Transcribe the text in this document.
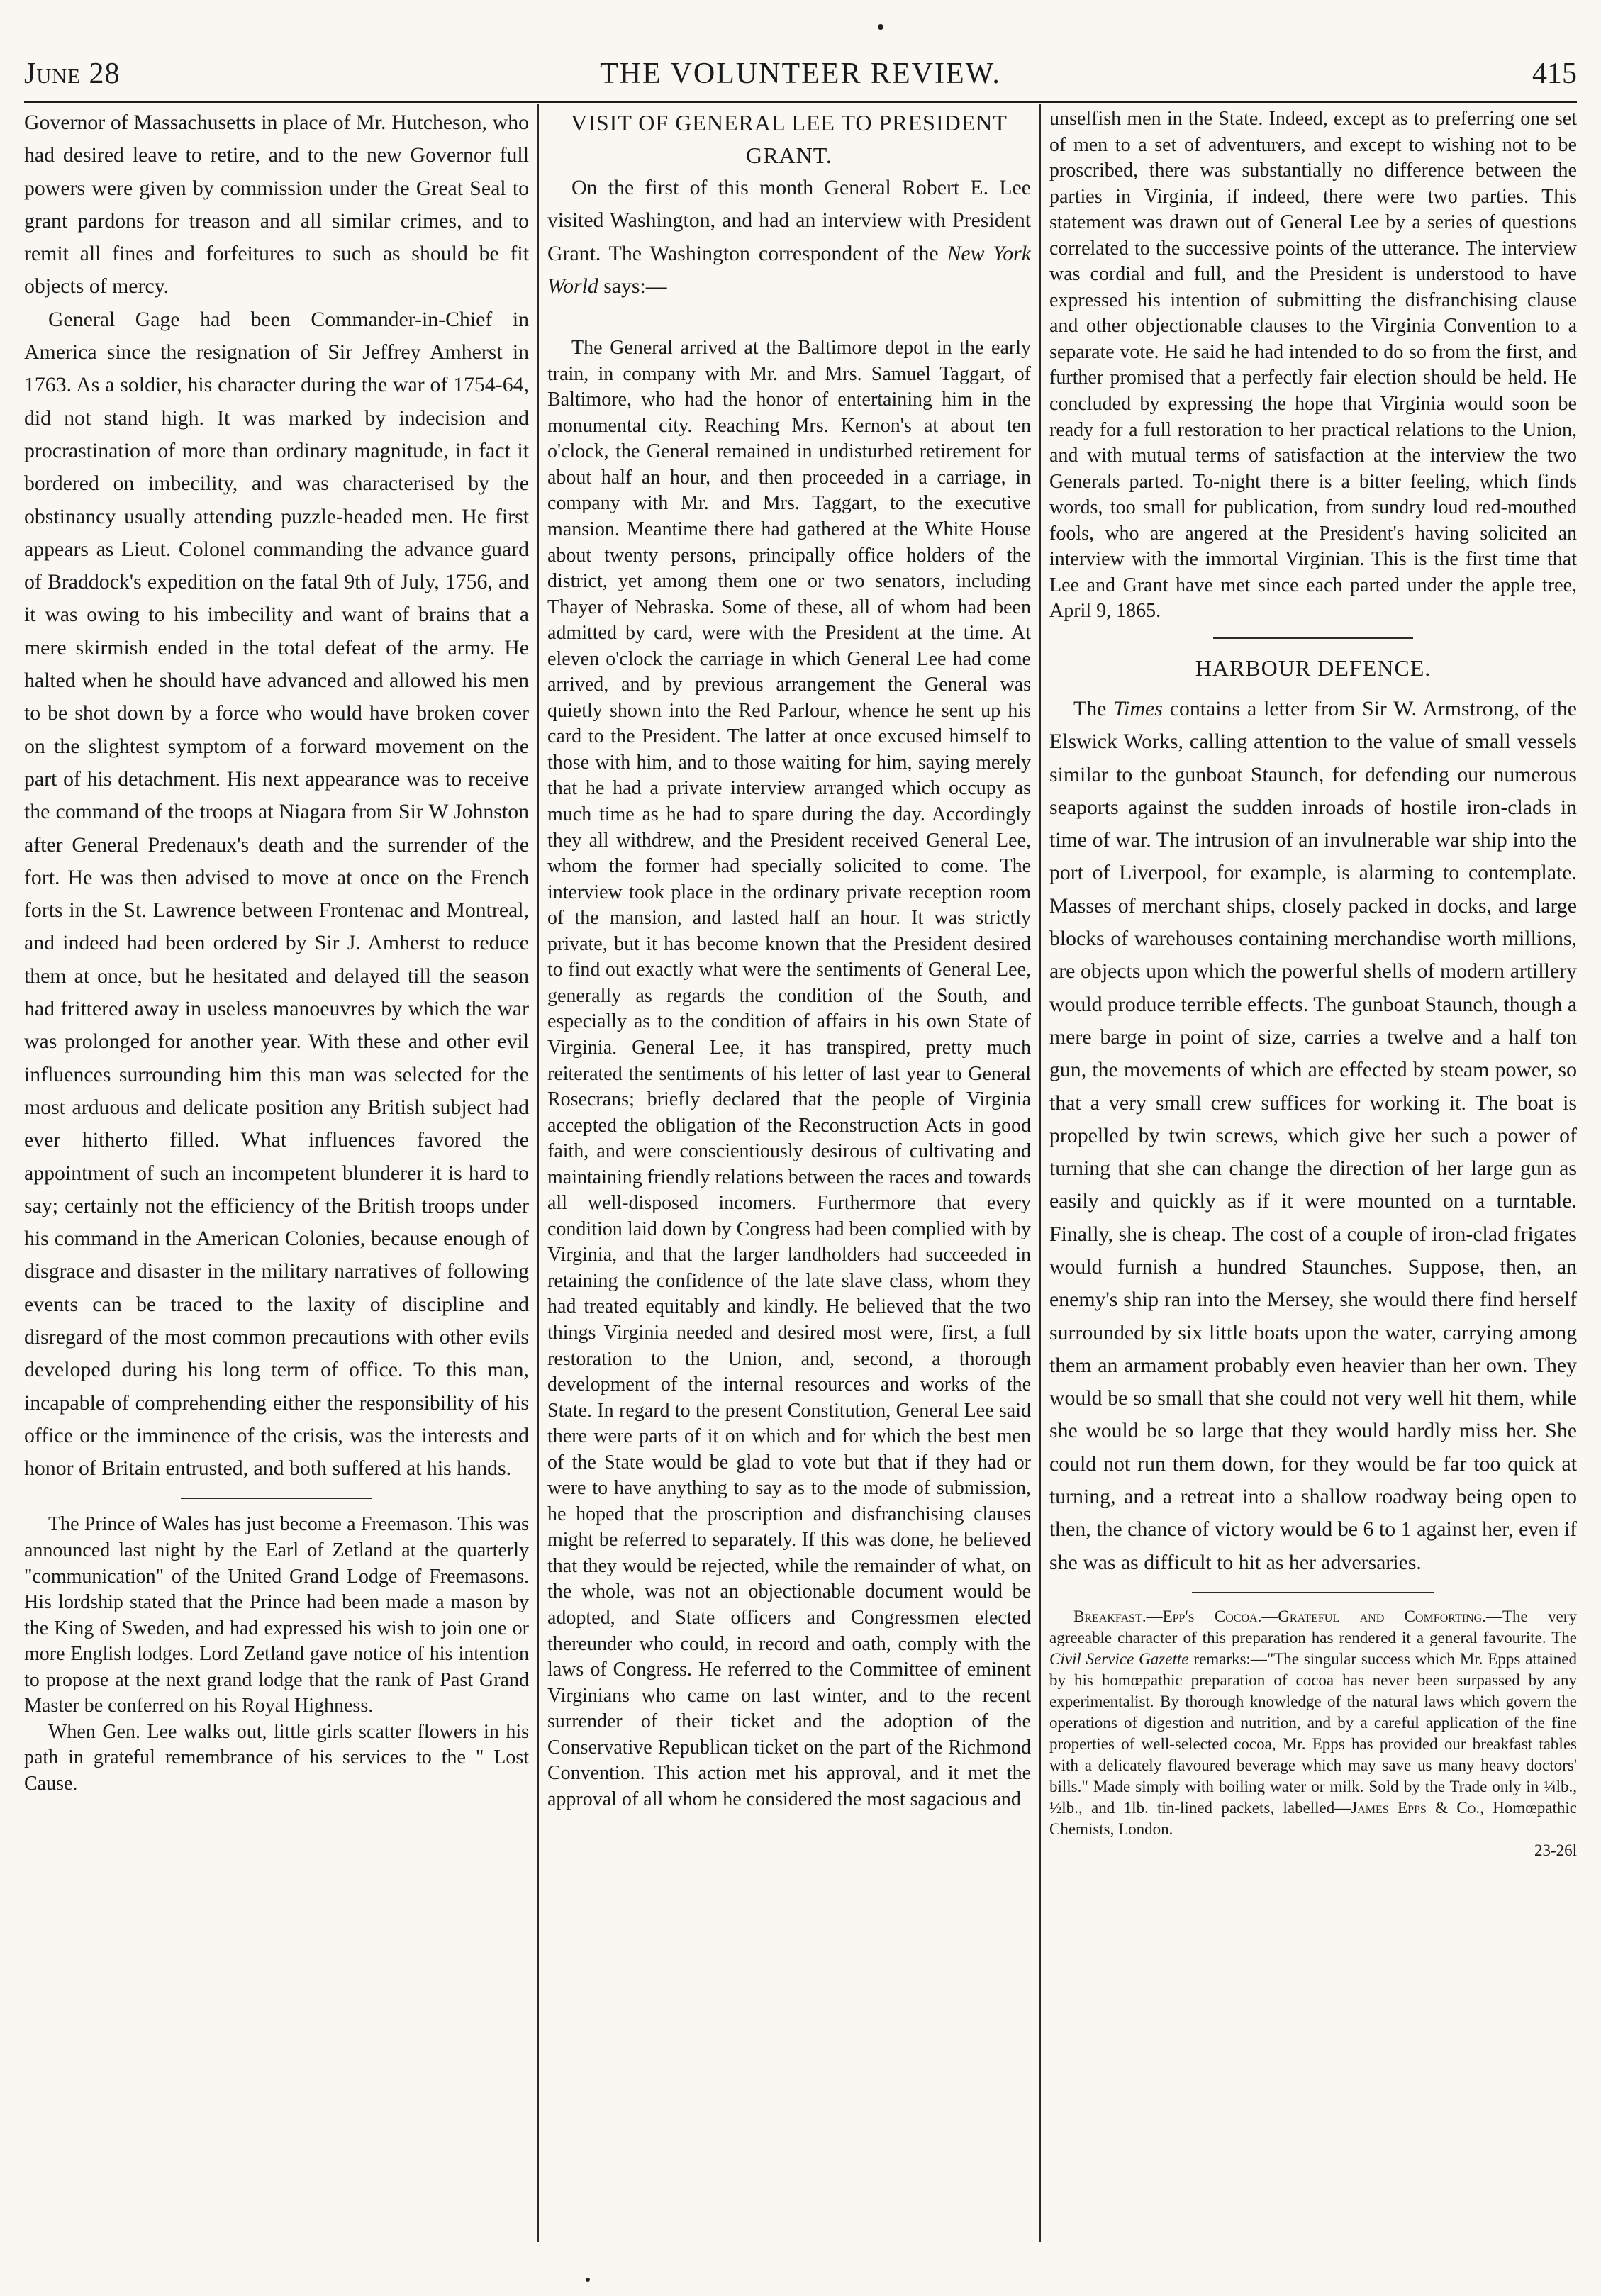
June 28	THE VOLUNTEER REVIEW.	415

Governor of Massachusetts in place of Mr. Hutcheson, who had desired leave to retire, and to the new Governor full powers were given by commission under the Great Seal to grant pardons for treason and all similar crimes, and to remit all fines and forfeitures to such as should be fit objects of mercy.

General Gage had been Commander-in-Chief in America since the resignation of Sir Jeffrey Amherst in 1763. As a soldier, his character during the war of 1754-64, did not stand high. It was marked by indecision and procrastination of more than ordinary magnitude, in fact it bordered on imbecility, and was characterised by the obstinancy usually attending puzzle-headed men. He first appears as Lieut. Colonel commanding the advance guard of Braddock's expedition on the fatal 9th of July, 1756, and it was owing to his imbecility and want of brains that a mere skirmish ended in the total defeat of the army. He halted when he should have advanced and allowed his men to be shot down by a force who would have broken cover on the slightest symptom of a forward movement on the part of his detachment. His next appearance was to receive the command of the troops at Niagara from Sir W Johnston after General Predenaux's death and the surrender of the fort. He was then advised to move at once on the French forts in the St. Lawrence between Frontenac and Montreal, and indeed had been ordered by Sir J. Amherst to reduce them at once, but he hesitated and delayed till the season had frittered away in useless manoeuvres by which the war was prolonged for another year. With these and other evil influences surrounding him this man was selected for the most arduous and delicate position any British subject had ever hitherto filled. What influences favored the appointment of such an incompetent blunderer it is hard to say; certainly not the efficiency of the British troops under his command in the American Colonies, because enough of disgrace and disaster in the military narratives of following events can be traced to the laxity of discipline and disregard of the most common precautions with other evils developed during his long term of office. To this man, incapable of comprehending either the responsibility of his office or the imminence of the crisis, was the interests and honor of Britain entrusted, and both suffered at his hands.

The Prince of Wales has just become a Freemason. This was announced last night by the Earl of Zetland at the quarterly "communication" of the United Grand Lodge of Freemasons. His lordship stated that the Prince had been made a mason by the King of Sweden, and had expressed his wish to join one or more English lodges. Lord Zetland gave notice of his intention to propose at the next grand lodge that the rank of Past Grand Master be conferred on his Royal Highness.

When Gen. Lee walks out, little girls scatter flowers in his path in grateful remembrance of his services to the " Lost Cause.

VISIT OF GENERAL LEE TO PRESIDENT GRANT.

On the first of this month General Robert E. Lee visited Washington, and had an interview with President Grant. The Washington correspondent of the New York World says:—

The General arrived at the Baltimore depot in the early train, in company with Mr. and Mrs. Samuel Taggart, of Baltimore, who had the honor of entertaining him in the monumental city. Reaching Mrs. Kernon's at about ten o'clock, the General remained in undisturbed retirement for about half an hour, and then proceeded in a carriage, in company with Mr. and Mrs. Taggart, to the executive mansion. Meantime there had gathered at the White House about twenty persons, principally office holders of the district, yet among them one or two senators, including Thayer of Nebraska. Some of these, all of whom had been admitted by card, were with the President at the time. At eleven o'clock the carriage in which General Lee had come arrived, and by previous arrangement the General was quietly shown into the Red Parlour, whence he sent up his card to the President. The latter at once excused himself to those with him, and to those waiting for him, saying merely that he had a private interview arranged which occupy as much time as he had to spare during the day. Accordingly they all withdrew, and the President received General Lee, whom the former had specially solicited to come. The interview took place in the ordinary private reception room of the mansion, and lasted half an hour. It was strictly private, but it has become known that the President desired to find out exactly what were the sentiments of General Lee, generally as regards the condition of the South, and especially as to the condition of affairs in his own State of Virginia. General Lee, it has transpired, pretty much reiterated the sentiments of his letter of last year to General Rosecrans; briefly declared that the people of Virginia accepted the obligation of the Reconstruction Acts in good faith, and were conscientiously desirous of cultivating and maintaining friendly relations between the races and towards all well-disposed incomers. Furthermore that every condition laid down by Congress had been complied with by Virginia, and that the larger landholders had succeeded in retaining the confidence of the late slave class, whom they had treated equitably and kindly. He believed that the two things Virginia needed and desired most were, first, a full restoration to the Union, and, second, a thorough development of the internal resources and works of the State. In regard to the present Constitution, General Lee said there were parts of it on which and for which the best men of the State would be glad to vote but that if they had or were to have anything to say as to the mode of submission, he hoped that the proscription and disfranchising clauses might be referred to separately. If this was done, he believed that they would be rejected, while the remainder of what, on the whole, was not an objectionable document would be adopted, and State officers and Congressmen elected thereunder who could, in record and oath, comply with the laws of Congress. He referred to the Committee of eminent Virginians who came on last winter, and to the recent surrender of their ticket and the adoption of the Conservative Republican ticket on the part of the Richmond Convention. This action met his approval, and it met the approval of all whom he considered the most sagacious and

unselfish men in the State. Indeed, except as to preferring one set of men to a set of adventurers, and except to wishing not to be proscribed, there was substantially no difference between the parties in Virginia, if indeed, there were two parties. This statement was drawn out of General Lee by a series of questions correlated to the successive points of the utterance. The interview was cordial and full, and the President is understood to have expressed his intention of submitting the disfranchising clause and other objectionable clauses to the Virginia Convention to a separate vote. He said he had intended to do so from the first, and further promised that a perfectly fair election should be held. He concluded by expressing the hope that Virginia would soon be ready for a full restoration to her practical relations to the Union, and with mutual terms of satisfaction at the interview the two Generals parted. To-night there is a bitter feeling, which finds words, too small for publication, from sundry loud red-mouthed fools, who are angered at the President's having solicited an interview with the immortal Virginian. This is the first time that Lee and Grant have met since each parted under the apple tree, April 9, 1865.

HARBOUR DEFENCE.

The Times contains a letter from Sir W. Armstrong, of the Elswick Works, calling attention to the value of small vessels similar to the gunboat Staunch, for defending our numerous seaports against the sudden inroads of hostile iron-clads in time of war. The intrusion of an invulnerable war ship into the port of Liverpool, for example, is alarming to contemplate. Masses of merchant ships, closely packed in docks, and large blocks of warehouses containing merchandise worth millions, are objects upon which the powerful shells of modern artillery would produce terrible effects. The gunboat Staunch, though a mere barge in point of size, carries a twelve and a half ton gun, the movements of which are effected by steam power, so that a very small crew suffices for working it. The boat is propelled by twin screws, which give her such a power of turning that she can change the direction of her large gun as easily and quickly as if it were mounted on a turntable. Finally, she is cheap. The cost of a couple of iron-clad frigates would furnish a hundred Staunches. Suppose, then, an enemy's ship ran into the Mersey, she would there find herself surrounded by six little boats upon the water, carrying among them an armament probably even heavier than her own. They would be so small that she could not very well hit them, while she would be so large that they would hardly miss her. She could not run them down, for they would be far too quick at turning, and a retreat into a shallow roadway being open to then, the chance of victory would be 6 to 1 against her, even if she was as difficult to hit as her adversaries.

Breakfast.—Epp's Cocoa.—Grateful and Comforting.—The very agreeable character of this preparation has rendered it a general favourite. The Civil Service Gazette remarks:—"The singular success which Mr. Epps attained by his homœpathic preparation of cocoa has never been surpassed by any experimentalist. By thorough knowledge of the natural laws which govern the operations of digestion and nutrition, and by a careful application of the fine properties of well-selected cocoa, Mr. Epps has provided our breakfast tables with a delicately flavoured beverage which may save us many heavy doctors' bills." Made simply with boiling water or milk. Sold by the Trade only in ¼lb., ½lb., and 1lb. tin-lined packets, labelled—James Epps & Co., Homœpathic Chemists, London.

23-26l
